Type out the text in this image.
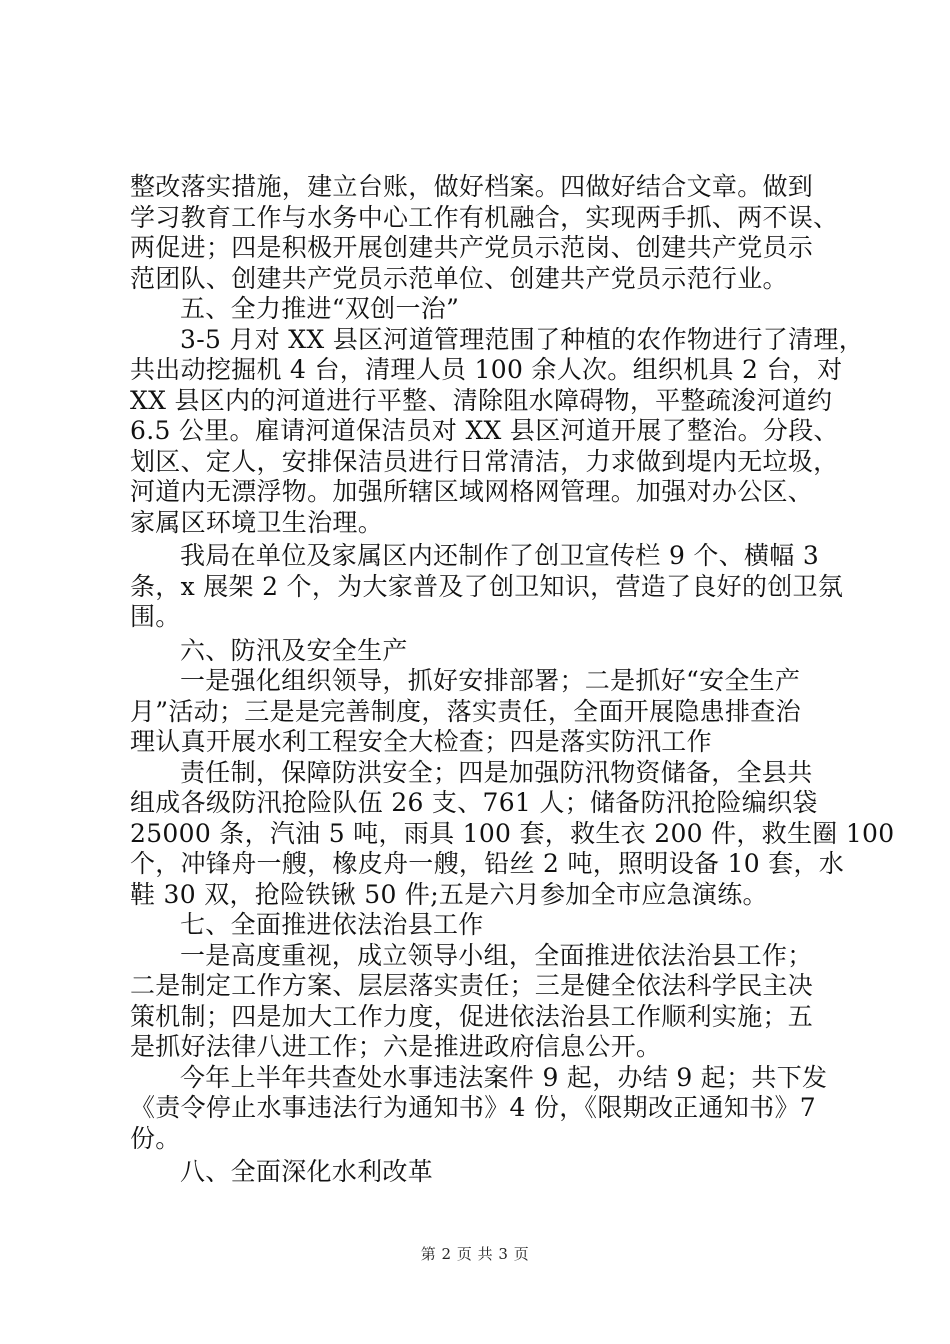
整改落实措施，建立台账，做好档案。四做好结合文章。做到
学习教育工作与水务中心工作有机融合，实现两手抓、两不误、
两促进；四是积极开展创建共产党员示范岗、创建共产党员示
范团队、创建共产党员示范单位、创建共产党员示范行业。
五、全力推进“双创一治”
3-5 月对 XX 县区河道管理范围了种植的农作物进行了清理，
共出动挖掘机 4 台，清理人员 100 余人次。组织机具 2 台，对
XX 县区内的河道进行平整、清除阻水障碍物，平整疏浚河道约
6.5 公里。雇请河道保洁员对 XX 县区河道开展了整治。分段、
划区、定人，安排保洁员进行日常清洁，力求做到堤内无垃圾，
河道内无漂浮物。加强所辖区域网格网管理。加强对办公区、
家属区环境卫生治理。
我局在单位及家属区内还制作了创卫宣传栏 9 个、横幅 3
条，x 展架 2 个，为大家普及了创卫知识，营造了良好的创卫氛
围。
六、防汛及安全生产
一是强化组织领导，抓好安排部署；二是抓好“安全生产
月”活动；三是是完善制度，落实责任，全面开展隐患排查治
理认真开展水利工程安全大检查；四是落实防汛工作
责任制，保障防洪安全；四是加强防汛物资储备，全县共
组成各级防汛抢险队伍 26 支、761 人；储备防汛抢险编织袋
25000 条，汽油 5 吨，雨具 100 套，救生衣 200 件，救生圈 100
个，冲锋舟一艘，橡皮舟一艘，铅丝 2 吨，照明设备 10 套，水
鞋 30 双，抢险铁锹 50 件;五是六月参加全市应急演练。
七、全面推进依法治县工作
一是高度重视，成立领导小组，全面推进依法治县工作；
二是制定工作方案、层层落实责任；三是健全依法科学民主决
策机制；四是加大工作力度，促进依法治县工作顺利实施；五
是抓好法律八进工作；六是推进政府信息公开。
今年上半年共查处水事违法案件 9 起，办结 9 起；共下发
《责令停止水事违法行为通知书》4 份，《限期改正通知书》7
份。
八、全面深化水利改革
第 2 页 共 3 页
